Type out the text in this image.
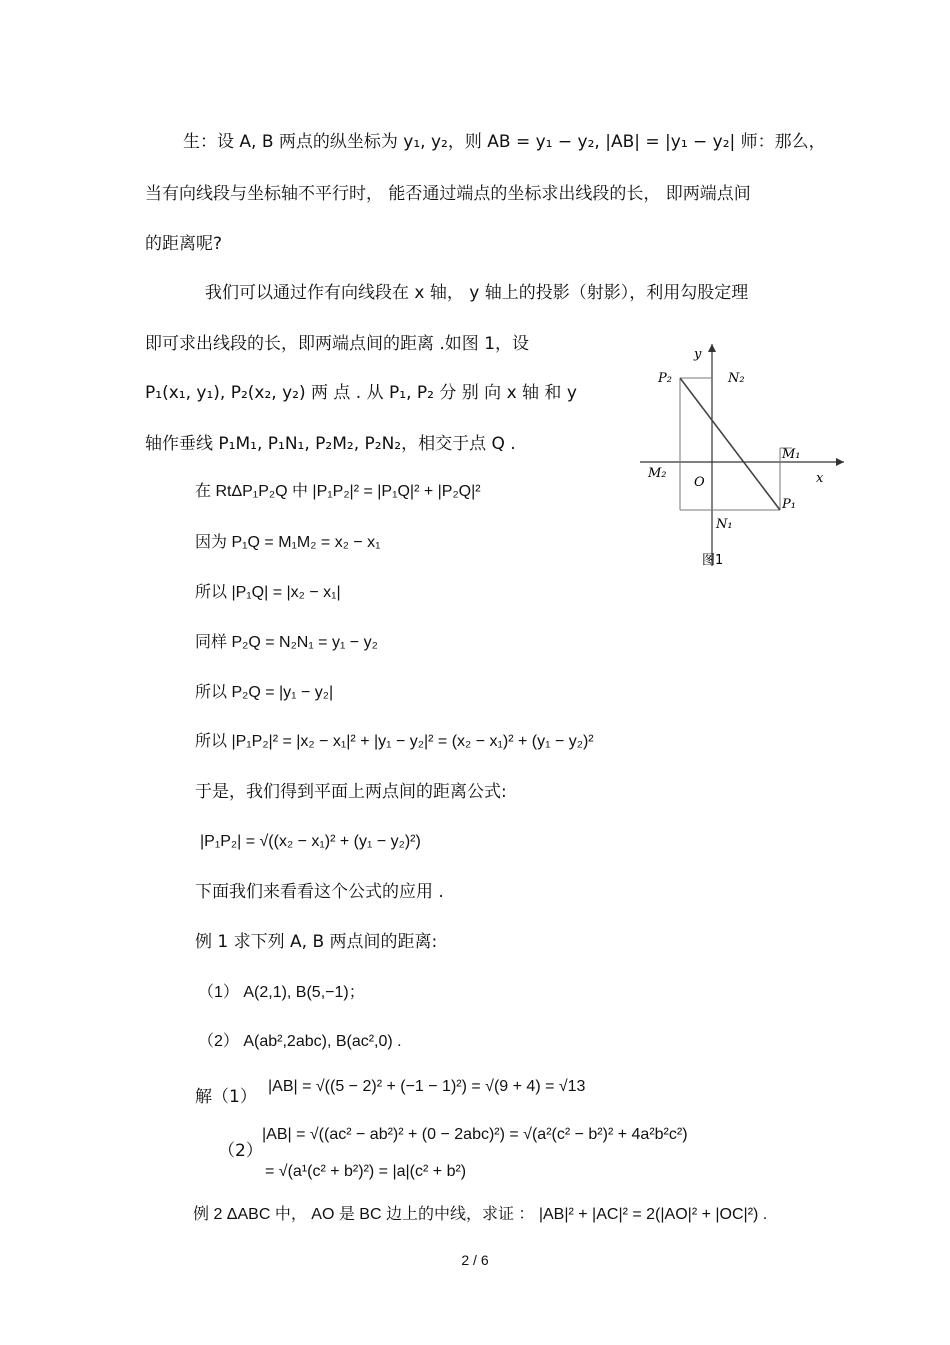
生：设 A, B 两点的纵坐标为 y₁, y₂，则 AB = y₁ − y₂, |AB| = |y₁ − y₂| 师：那么，
当有向线段与坐标轴不平行时， 能否通过端点的坐标求出线段的长， 即两端点间
的距离呢?
我们可以通过作有向线段在 x 轴， y 轴上的投影（射影），利用勾股定理
即可求出线段的长，即两端点间的距离 .如图 1，设
P₁(x₁, y₁), P₂(x₂, y₂) 两 点 . 从 P₁, P₂ 分 别 向 x 轴 和 y
轴作垂线 P₁M₁, P₁N₁, P₂M₂, P₂N₂，相交于点 Q .
在 RtΔP₁P₂Q 中 |P₁P₂|² = |P₁Q|² + |P₂Q|²
因为 P₁Q = M₁M₂ = x₂ − x₁
所以 |P₁Q| = |x₂ − x₁|
同样 P₂Q = N₂N₁ = y₁ − y₂
所以 P₂Q = |y₁ − y₂|
所以 |P₁P₂|² = |x₂ − x₁|² + |y₁ − y₂|² = (x₂ − x₁)² + (y₁ − y₂)²
于是，我们得到平面上两点间的距离公式:
|P₁P₂| = √((x₂ − x₁)² + (y₁ − y₂)²)
下面我们来看看这个公式的应用 .
例 1 求下列 A, B 两点间的距离:
（1） A(2,1), B(5,−1)；
（2） A(ab²,2abc), B(ac²,0) .
解（1）
|AB| = √((5 − 2)² + (−1 − 1)²) = √(9 + 4) = √13
（2）
|AB| = √((ac² − ab²)² + (0 − 2abc)²) = √(a²(c² − b²)² + 4a²b²c²)
= √(a¹(c² + b²)²) = |a|(c² + b²)
例 2 ΔABC 中， AO 是 BC 边上的中线，求证 ： |AB|² + |AC|² = 2(|AO|² + |OC|²) .
y
x
O
P₂	N₂
M₁
M₂
P₁
N₁
图1
2 / 6
